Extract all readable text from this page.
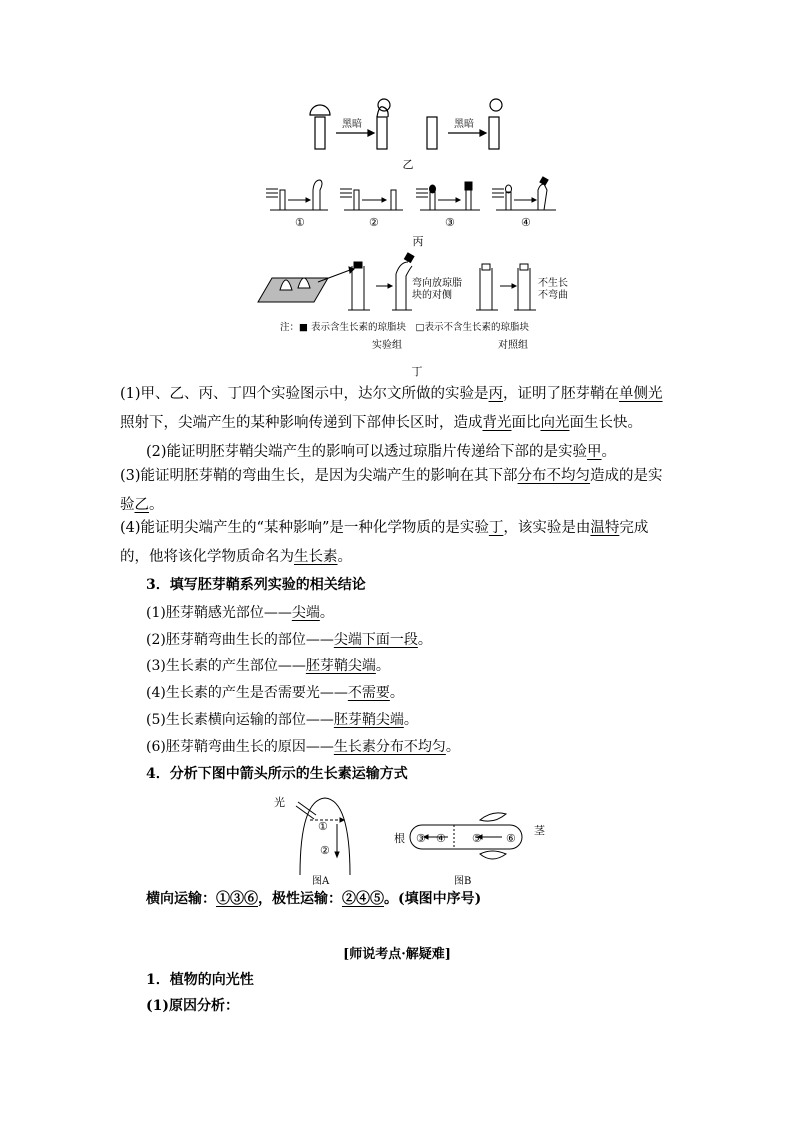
黑暗	黑暗
乙
①	②	③	④
丙
弯向放琼脂
块的对侧
不生长
不弯曲
注：■ 表示含生长素的琼脂块　□表示不含生长素的琼脂块
实验组	对照组
丁
(1)甲、乙、丙、丁四个实验图示中，达尔文所做的实验是丙，证明了胚芽鞘在单侧光照射下，尖端产生的某种影响传递到下部伸长区时，造成背光面比向光面生长快。
(2)能证明胚芽鞘尖端产生的影响可以透过琼脂片传递给下部的是实验甲。
(3)能证明胚芽鞘的弯曲生长，是因为尖端产生的影响在其下部分布不均匀造成的是实验乙。
(4)能证明尖端产生的“某种影响”是一种化学物质的是实验丁，该实验是由温特完成的，他将该化学物质命名为生长素。
3．填写胚芽鞘系列实验的相关结论
(1)胚芽鞘感光部位——尖端。
(2)胚芽鞘弯曲生长的部位——尖端下面一段。
(3)生长素的产生部位——胚芽鞘尖端。
(4)生长素的产生是否需要光——不需要。
(5)生长素横向运输的部位——胚芽鞘尖端。
(6)胚芽鞘弯曲生长的原因——生长素分布不均匀。
4．分析下图中箭头所示的生长素运输方式
光
①
②
根 ③ ④ ⑤ ⑥
茎
图A	图B
横向运输：①③⑥，极性运输：②④⑤。(填图中序号)
[师说考点·解疑难]
1．植物的向光性
(1)原因分析：
